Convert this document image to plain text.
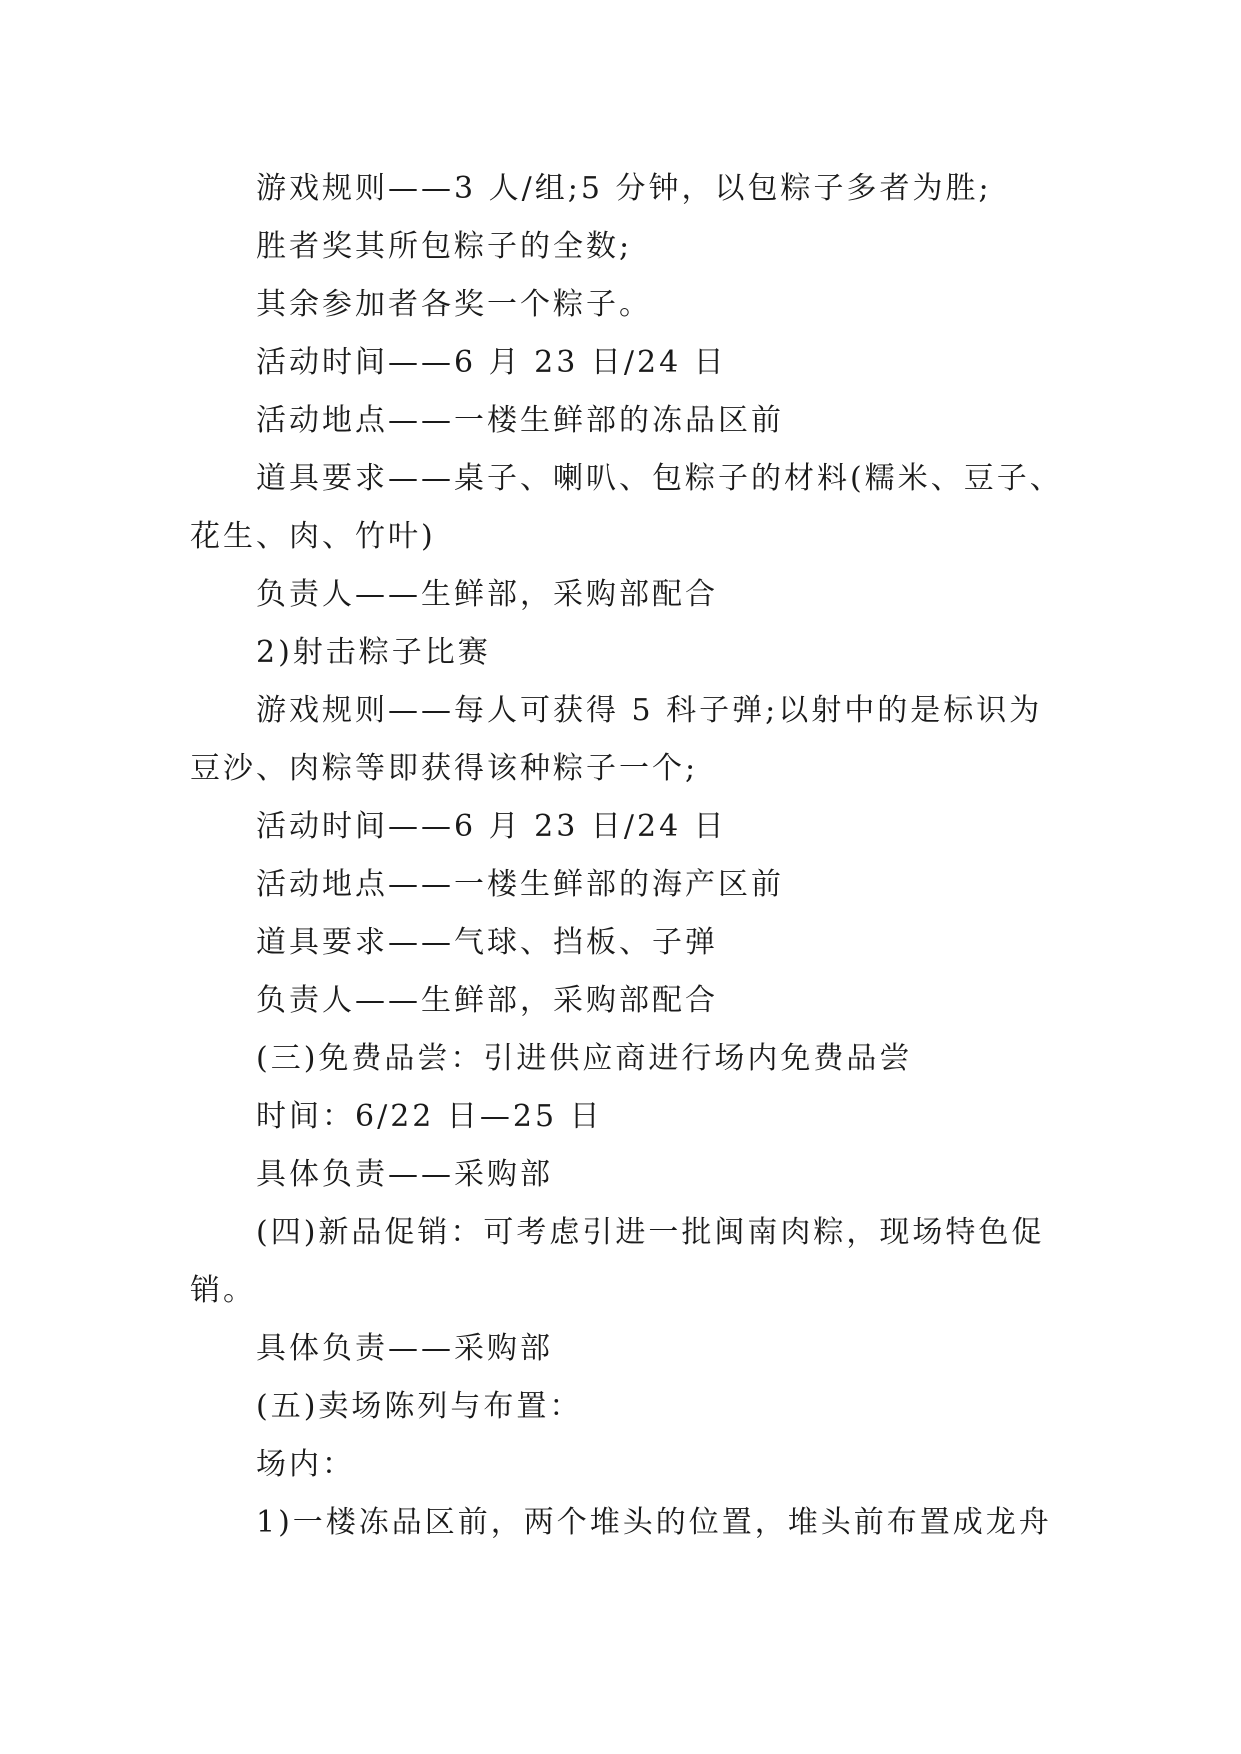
游戏规则——3 人/组;5 分钟，以包粽子多者为胜;

胜者奖其所包粽子的全数;

其余参加者各奖一个粽子。

活动时间——6 月 23 日/24 日

活动地点——一楼生鲜部的冻品区前

道具要求——桌子、喇叭、包粽子的材料(糯米、豆子、花生、肉、竹叶)

负责人——生鲜部，采购部配合

2)射击粽子比赛

游戏规则——每人可获得 5 科子弹;以射中的是标识为豆沙、肉粽等即获得该种粽子一个;

活动时间——6 月 23 日/24 日

活动地点——一楼生鲜部的海产区前

道具要求——气球、挡板、子弹

负责人——生鲜部，采购部配合

(三)免费品尝：引进供应商进行场内免费品尝

时间：6/22 日—25 日

具体负责——采购部

(四)新品促销：可考虑引进一批闽南肉粽，现场特色促销。

具体负责——采购部

(五)卖场陈列与布置：

场内：

1)一楼冻品区前，两个堆头的位置，堆头前布置成龙舟
